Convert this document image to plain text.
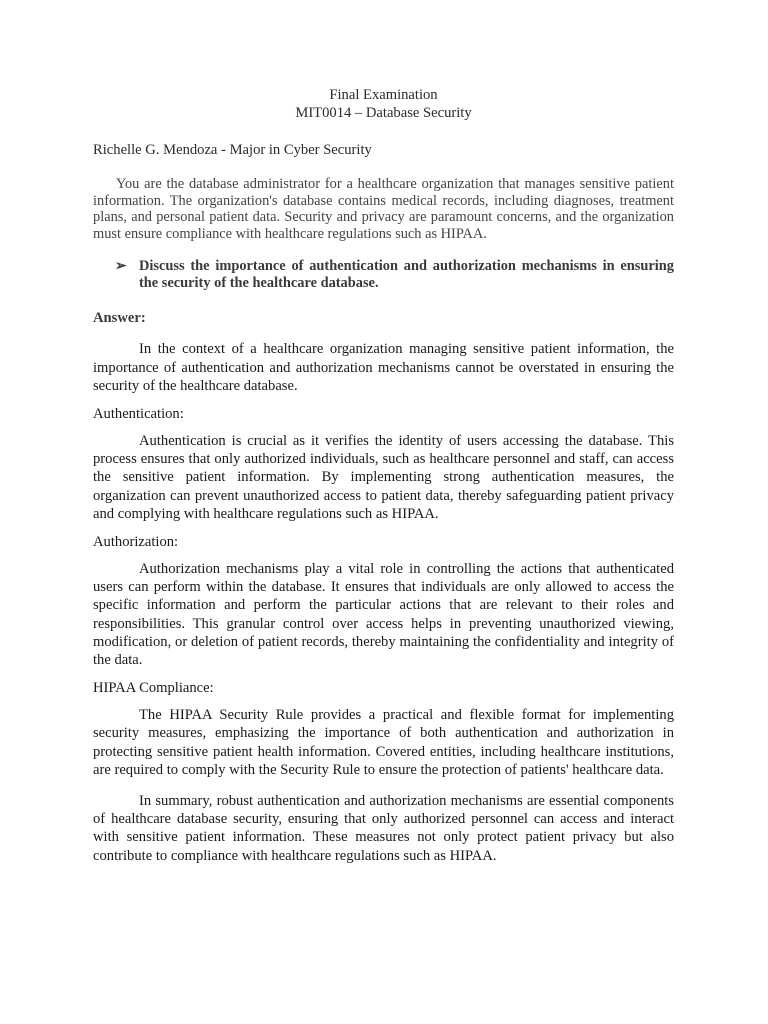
Final Examination
MIT0014 – Database Security
Richelle G. Mendoza - Major in Cyber Security
You are the database administrator for a healthcare organization that manages sensitive patient information. The organization's database contains medical records, including diagnoses, treatment plans, and personal patient data. Security and privacy are paramount concerns, and the organization must ensure compliance with healthcare regulations such as HIPAA.
➢ Discuss the importance of authentication and authorization mechanisms in ensuring the security of the healthcare database.
Answer:
In the context of a healthcare organization managing sensitive patient information, the importance of authentication and authorization mechanisms cannot be overstated in ensuring the security of the healthcare database.
Authentication:
Authentication is crucial as it verifies the identity of users accessing the database. This process ensures that only authorized individuals, such as healthcare personnel and staff, can access the sensitive patient information. By implementing strong authentication measures, the organization can prevent unauthorized access to patient data, thereby safeguarding patient privacy and complying with healthcare regulations such as HIPAA.
Authorization:
Authorization mechanisms play a vital role in controlling the actions that authenticated users can perform within the database. It ensures that individuals are only allowed to access the specific information and perform the particular actions that are relevant to their roles and responsibilities. This granular control over access helps in preventing unauthorized viewing, modification, or deletion of patient records, thereby maintaining the confidentiality and integrity of the data.
HIPAA Compliance:
The HIPAA Security Rule provides a practical and flexible format for implementing security measures, emphasizing the importance of both authentication and authorization in protecting sensitive patient health information. Covered entities, including healthcare institutions, are required to comply with the Security Rule to ensure the protection of patients' healthcare data.
In summary, robust authentication and authorization mechanisms are essential components of healthcare database security, ensuring that only authorized personnel can access and interact with sensitive patient information. These measures not only protect patient privacy but also contribute to compliance with healthcare regulations such as HIPAA.
